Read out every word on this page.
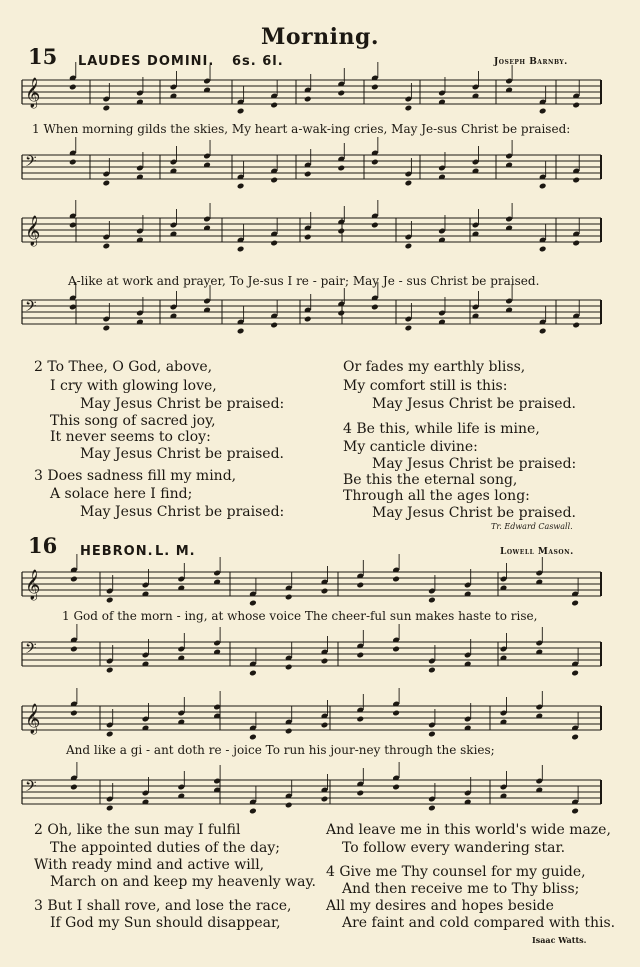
Morning.
15 LAUDES DOMINI. 6s. 6l.	Joseph Barnby.
𝄞
𝄢
𝄞
𝄢
𝄞
𝄢
𝄞
𝄢
1 When morning gilds the skies, My heart a-wak-ing cries, May Je-sus Christ be praised:
A-like at work and prayer, To Je-sus I re - pair; May Je - sus Christ be praised.
2 To Thee, O God, above,
I cry with glowing love,
May Jesus Christ be praised:
This song of sacred joy,
It never seems to cloy:
May Jesus Christ be praised.
3 Does sadness fill my mind,
A solace here I find;
May Jesus Christ be praised:
Or fades my earthly bliss,
My comfort still is this:
May Jesus Christ be praised.
4 Be this, while life is mine,
My canticle divine:
May Jesus Christ be praised:
Be this the eternal song,
Through all the ages long:
May Jesus Christ be praised.
Tr. Edward Caswall.
16 HEBRON. L. M.	Lowell Mason.
1 God of the morn - ing, at whose voice The cheer-ful sun makes haste to rise,
And like a gi - ant doth re - joice To run his jour-ney through the skies;
2 Oh, like the sun may I fulfil
The appointed duties of the day;
With ready mind and active will,
March on and keep my heavenly way.
3 But I shall rove, and lose the race,
If God my Sun should disappear,
And leave me in this world's wide maze,
To follow every wandering star.
4 Give me Thy counsel for my guide,
And then receive me to Thy bliss;
All my desires and hopes beside
Are faint and cold compared with this.
Isaac Watts.
